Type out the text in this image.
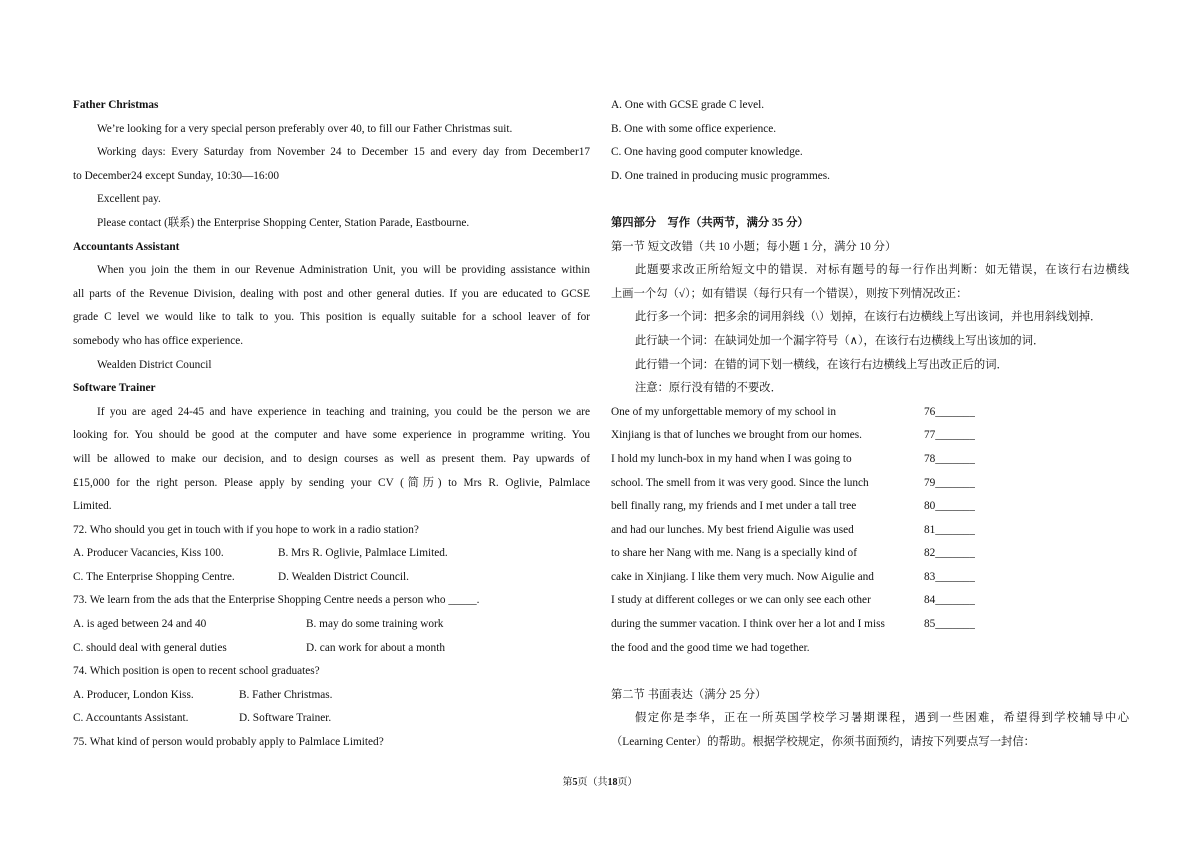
Father Christmas
We’re looking for a very special person preferably over 40, to fill our Father Christmas suit.
Working days: Every Saturday from November 24 to December 15 and every day from December17
to December24 except Sunday, 10:30—16:00
Excellent pay.
Please contact (联系) the Enterprise Shopping Center, Station Parade, Eastbourne.
Accountants Assistant
When you join the them in our Revenue Administration Unit, you will be providing assistance within
all parts of the Revenue Division, dealing with post and other general duties. If you are educated to GCSE
grade C level we would like to talk to you. This position is equally suitable for a school leaver of for
somebody who has office experience.
Wealden District Council
Software Trainer
If you are aged 24-45 and have experience in teaching and training, you could be the person we are
looking for. You should be good at the computer and have some experience in programme writing. You
will be allowed to make our decision, and to design courses as well as present them. Pay upwards of
₤15,000 for the right person. Please apply by sending your CV (简历) to Mrs R. Oglivie, Palmlace
Limited.
72. Who should you get in touch with if you hope to work in a radio station?
A. Producer Vacancies, Kiss 100.	B. Mrs R. Oglivie, Palmlace Limited.
C. The Enterprise Shopping Centre.	D. Wealden District Council.
73. We learn from the ads that the Enterprise Shopping Centre needs a person who _____.
A. is aged between 24 and 40	B. may do some training work
C. should deal with general duties	D. can work for about a month
74. Which position is open to recent school graduates?
A. Producer, London Kiss.	B. Father Christmas.
C. Accountants Assistant.	D. Software Trainer.
75. What kind of person would probably apply to Palmlace Limited?
A. One with GCSE grade C level.
B. One with some office experience.
C. One having good computer knowledge.
D. One trained in producing music programmes.
第四部分　写作（共两节，满分 35 分）
第一节 短文改错（共 10 小题；每小题 1 分，满分 10 分）
此题要求改正所给短文中的错误．对标有题号的每一行作出判断：如无错误，在该行右边横线
上画一个勾（√）；如有错误（每行只有一个错误），则按下列情况改正：
此行多一个词：把多余的词用斜线（\）划掉，在该行右边横线上写出该词，并也用斜线划掉．
此行缺一个词：在缺词处加一个漏字符号（∧），在该行右边横线上写出该加的词．
此行错一个词：在错的词下划一横线，在该行右边横线上写出改正后的词．
注意：原行没有错的不要改．
One of my unforgettable memory of my school in	76_______
Xinjiang is that of lunches we brought from our homes.	77_______
I hold my lunch-box in my hand when I was going to	78_______
school. The smell from it was very good. Since the lunch	79_______
bell finally rang, my friends and I met under a tall tree	80_______
and had our lunches. My best friend Aigulie was used	81_______
to share her Nang with me. Nang is a specially kind of	82_______
cake in Xinjiang. I like them very much. Now Aigulie and	83_______
I study at different colleges or we can only see each other	84_______
during the summer vacation. I think over her a lot and I miss	85_______
the food and the good time we had together.
第二节 书面表达（满分 25 分）
假定你是李华，正在一所英国学校学习暑期课程，遇到一些困难，希望得到学校辅导中心
（Learning Center）的帮助。根据学校规定，你须书面预约，请按下列要点写一封信：
第5页（共18页）
